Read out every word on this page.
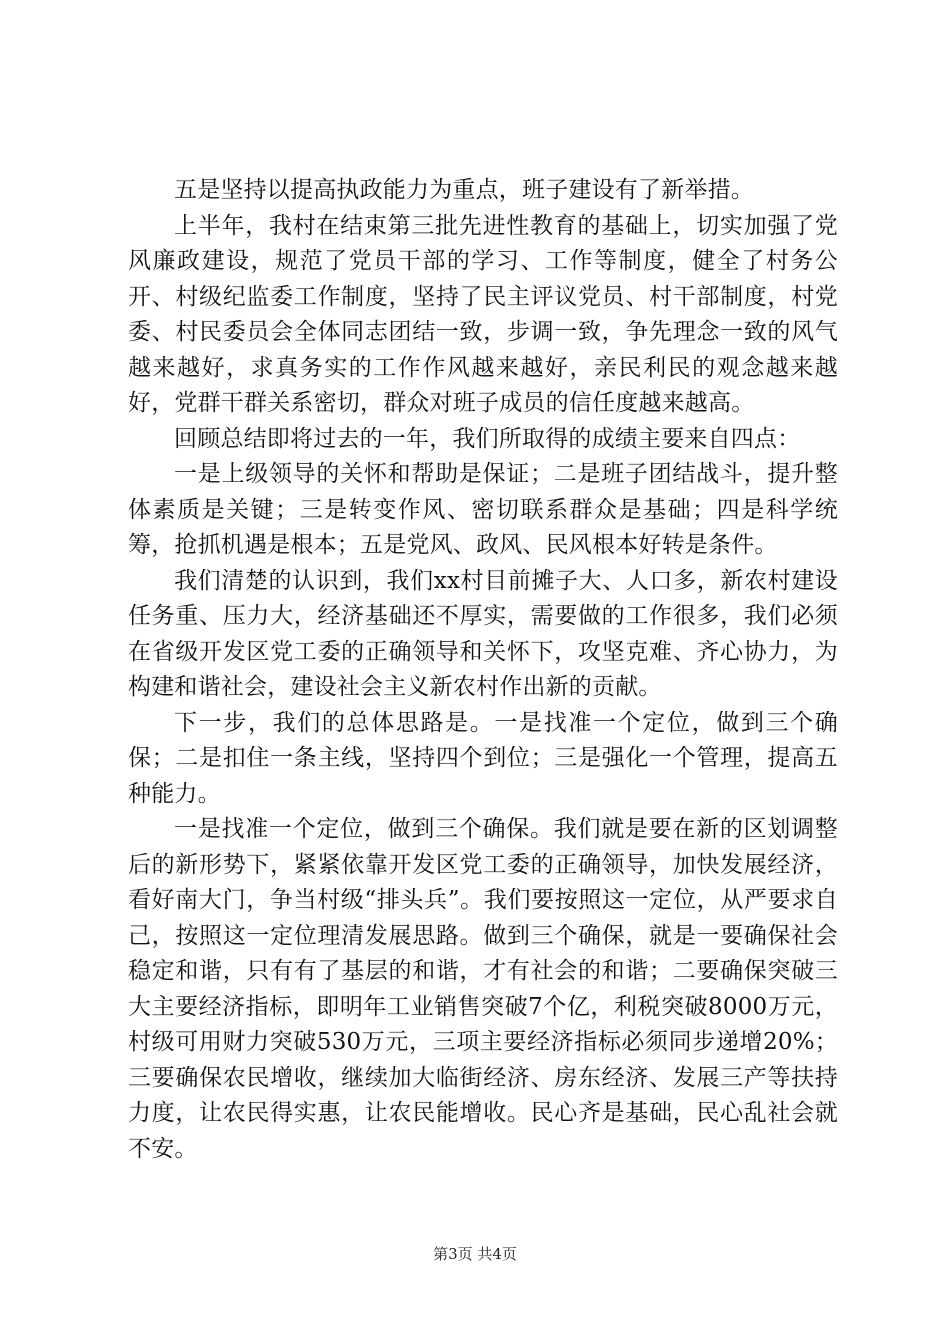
五是坚持以提高执政能力为重点，班子建设有了新举措。

上半年，我村在结束第三批先进性教育的基础上，切实加强了党风廉政建设，规范了党员干部的学习、工作等制度，健全了村务公开、村级纪监委工作制度，坚持了民主评议党员、村干部制度，村党委、村民委员会全体同志团结一致，步调一致，争先理念一致的风气越来越好，求真务实的工作作风越来越好，亲民利民的观念越来越好，党群干群关系密切，群众对班子成员的信任度越来越高。

回顾总结即将过去的一年，我们所取得的成绩主要来自四点：

一是上级领导的关怀和帮助是保证；二是班子团结战斗，提升整体素质是关键；三是转变作风、密切联系群众是基础；四是科学统筹，抢抓机遇是根本；五是党风、政风、民风根本好转是条件。

我们清楚的认识到，我们xx村目前摊子大、人口多，新农村建设任务重、压力大，经济基础还不厚实，需要做的工作很多，我们必须在省级开发区党工委的正确领导和关怀下，攻坚克难、齐心协力，为构建和谐社会，建设社会主义新农村作出新的贡献。

下一步，我们的总体思路是。一是找准一个定位，做到三个确保；二是扣住一条主线，坚持四个到位；三是强化一个管理，提高五种能力。

一是找准一个定位，做到三个确保。我们就是要在新的区划调整后的新形势下，紧紧依靠开发区党工委的正确领导，加快发展经济，看好南大门，争当村级“排头兵”。我们要按照这一定位，从严要求自己，按照这一定位理清发展思路。做到三个确保，就是一要确保社会稳定和谐，只有有了基层的和谐，才有社会的和谐；二要确保突破三大主要经济指标，即明年工业销售突破7个亿，利税突破8000万元，村级可用财力突破530万元，三项主要经济指标必须同步递增20%；三要确保农民增收，继续加大临街经济、房东经济、发展三产等扶持力度，让农民得实惠，让农民能增收。民心齐是基础，民心乱社会就不安。

第3页 共4页
